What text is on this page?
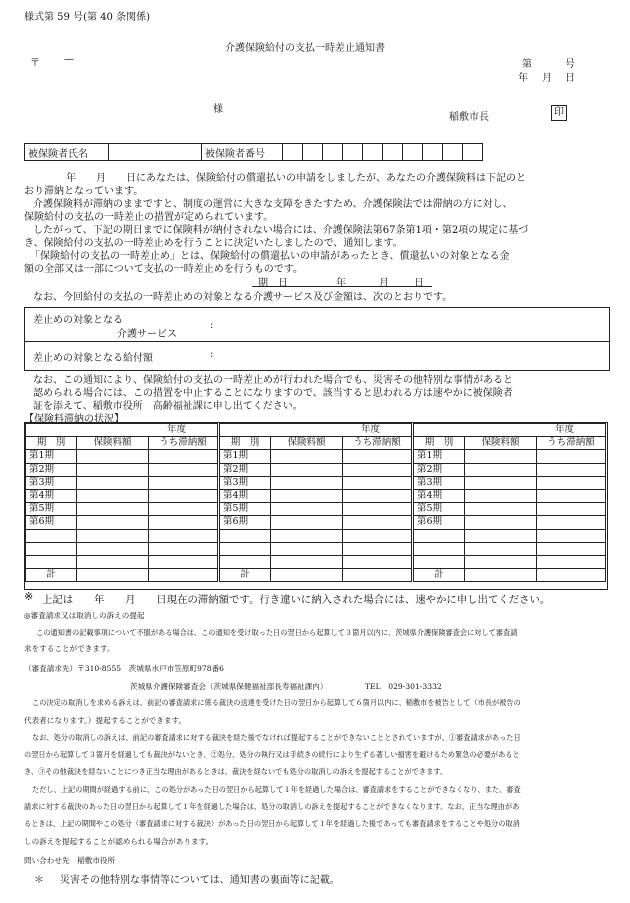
様式第 59 号(第 40 条関係)
介護保険給付の支払一時差止通知書
〒 —	第	号
年 月 日
様
稲敷市長	印
被保険者氏名		被保険者番号										
年　　月　　日にあなたは、保険給付の償還払いの申請をしましたが、あなたの介護保険料は下記のと
おり滞納となっています。
介護保険料が滞納のままですと、制度の運営に大きな支障をきたすため、介護保険法では滞納の方に対し、
保険給付の支払の一時差止の措置が定められています。
したがって、下記の期日までに保険料が納付されない場合には、介護保険法第67条第1項・第2項の規定に基づ
き、保険給付の支払の一時差止めを行うことに決定いたしましたので、通知します。
「保険給付の支払の一時差止め」とは、保険給付の償還払いの申請があったとき、償還払いの対象となる金
額の全部又は一部について支払の一時差止めを行うものです。
期　日	年	月	日
なお、今回給付の支払の一時差止めの対象となる介護サービス及び金額は、次のとおりです。
差止めの対象となる
介護サービス
:
差止めの対象となる給付額	:
なお、この通知により、保険給付の支払の一時差止めが行われた場合でも、災害その他特別な事情があると
認められる場合には、この措置を中止することになりますので、該当すると思われる方は速やかに被保険者
証を添えて、稲敷市役所　高齢福祉課に申し出てください。
【保険料滞納の状況】
年度		
期　別	保険料額	うち滞納額
第1期		
第2期		
第3期		
第4期		
第5期		
第6期		

計		
年度		
期　別	保険料額	うち滞納額
第1期		
第2期		
第3期		
第4期		
第5期		
第6期		

計		
年度		
期　別	保険料額	うち滞納額
第1期		
第2期		
第3期		
第4期		
第5期		
第6期		

計		
※ 上記は　　年　　月　　日現在の滞納額です。行き違いに納入された場合には、速やかに申し出てください。
◎審査請求又は取消しの訴えの提起
この通知書の記載事項について不服がある場合は、この通知を受け取った日の翌日から起算して３箇月以内に、茨城県介護保険審査会に対して審査請
求をすることができます。
（審査請求先）〒310-8555　茨城県水戸市笠原町978番6
茨城県介護保険審査会（茨城県保健福祉部長寿福祉課内）	TEL　029-301-3332
この決定の取消しを求める訴えは、前記の審査請求に係る裁決の送達を受けた日の翌日から起算して６箇月以内に、稲敷市を被告として（市長が被告の
代表者になります。）提起することができます。
なお、処分の取消しの訴えは、前記の審査請求に対する裁決を経た後でなければ提起することができないこととされていますが、①審査請求があった日
の翌日から起算して３箇月を経過しても裁決がないとき、②処分、処分の執行又は手続きの続行により生ずる著しい損害を避けるため緊急の必要があると
き、③その他裁決を経ないことにつき正当な理由があるときは、裁決を経ないでも処分の取消しの訴えを提起することができます。
ただし、上記の期間が経過する前に、この処分があった日の翌日から起算して１年を経過した場合は、審査請求をすることができなくなり、また、審査
請求に対する裁決のあった日の翌日から起算して１年を経過した場合は、処分の取消しの訴えを提起することができなくなります。なお、正当な理由があ
るときは、上記の期間やこの処分（審査請求に対する裁決）があった日の翌日から起算して１年を経過した後であっても審査請求をすることや処分の取消
しの訴えを提起することが認められる場合があります。
問い合わせ先　稲敷市役所
＊ 災害その他特別な事情等については、通知書の裏面等に記載。
